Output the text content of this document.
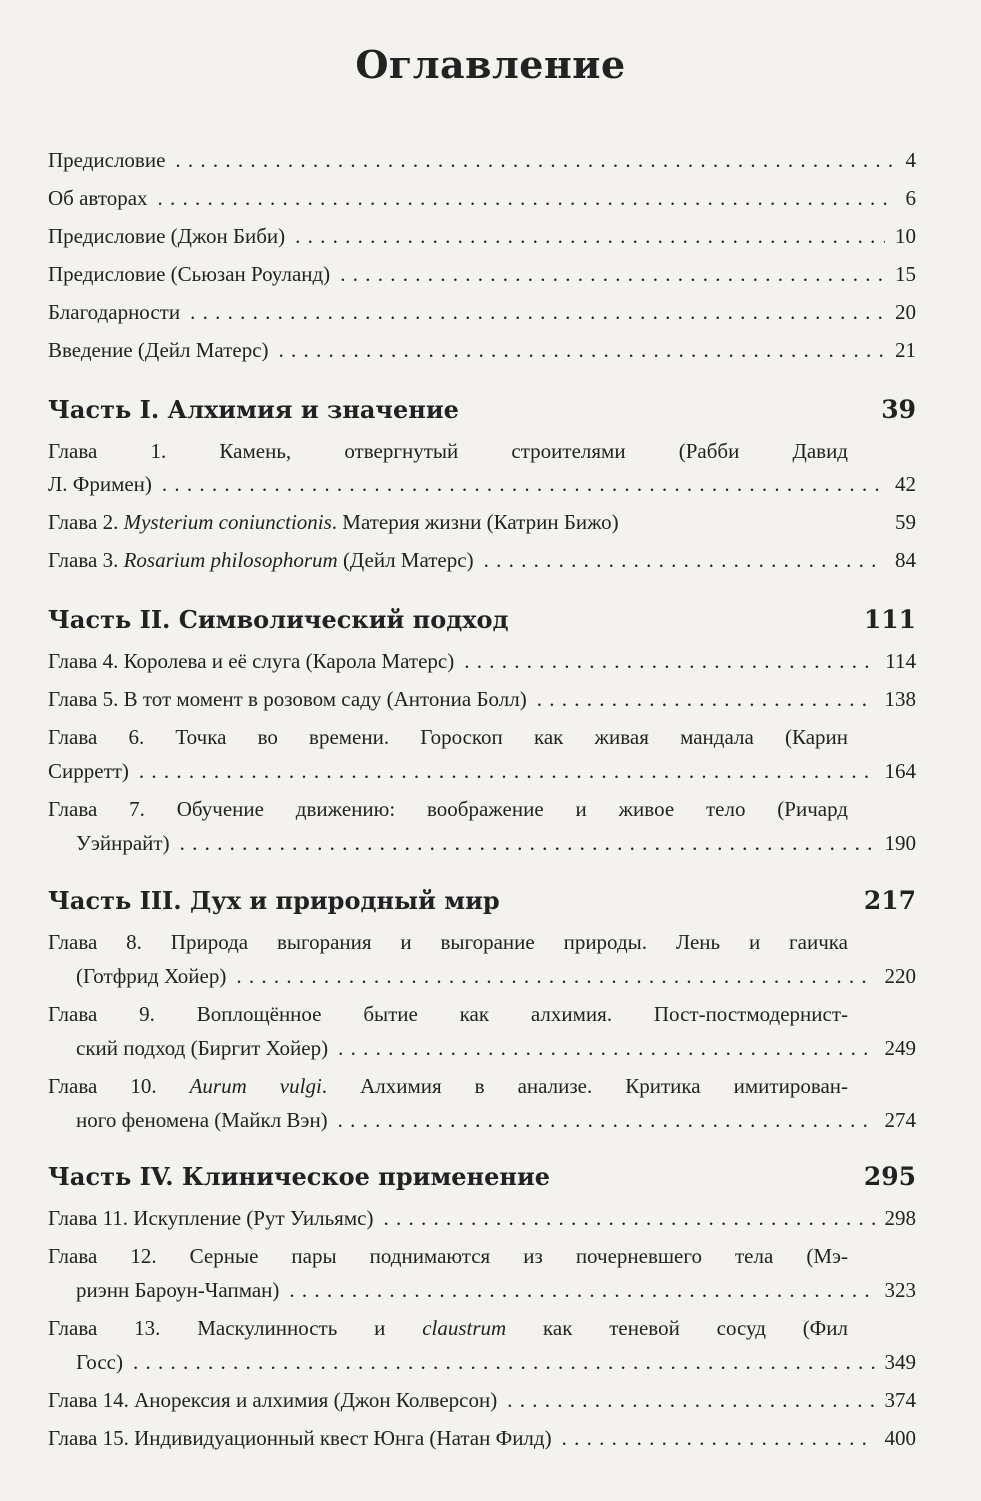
Оглавление
Предисловие . . .	4
Об авторах . . .	6
Предисловие (Джон Биби) . . .	10
Предисловие (Сьюзан Роуланд) . . .	15
Благодарности . . .	20
Введение (Дейл Матерс) . . .	21
Часть I. Алхимия и значение	39
Глава 1. Камень, отвергнутый строителями (Рабби Давид
Л. Фримен) . . .	42
Глава 2. Mysterium coniunctionis. Материя жизни (Катрин Бижо)	59
Глава 3. Rosarium philosophorum (Дейл Матерс) . . .	84
Часть II. Символический подход	111
Глава 4. Королева и её слуга (Карола Матерс) . . .	114
Глава 5. В тот момент в розовом саду (Антониа Болл) . . .	138
Глава 6. Точка во времени. Гороскоп как живая мандала (Карин
Сирретт) . . .	164
Глава 7. Обучение движению: воображение и живое тело (Ричард
Уэйнрайт) . . .	190
Часть III. Дух и природный мир	217
Глава 8. Природа выгорания и выгорание природы. Лень и гаичка
(Готфрид Хойер) . . .	220
Глава 9. Воплощённое бытие как алхимия. Пост-постмодернист-
ский подход (Биргит Хойер) . . .	249
Глава 10. Aurum vulgi. Алхимия в анализе. Критика имитирован-
ного феномена (Майкл Вэн) . . .	274
Часть IV. Клиническое применение	295
Глава 11. Искупление (Рут Уильямс) . . .	298
Глава 12. Серные пары поднимаются из почерневшего тела (Мэ-
риэнн Бароун-Чапман) . . .	323
Глава 13. Маскулинность и claustrum как теневой сосуд (Фил
Госс) . . .	349
Глава 14. Анорексия и алхимия (Джон Колверсон) . . .	374
Глава 15. Индивидуационный квест Юнга (Натан Филд) . . .	400
